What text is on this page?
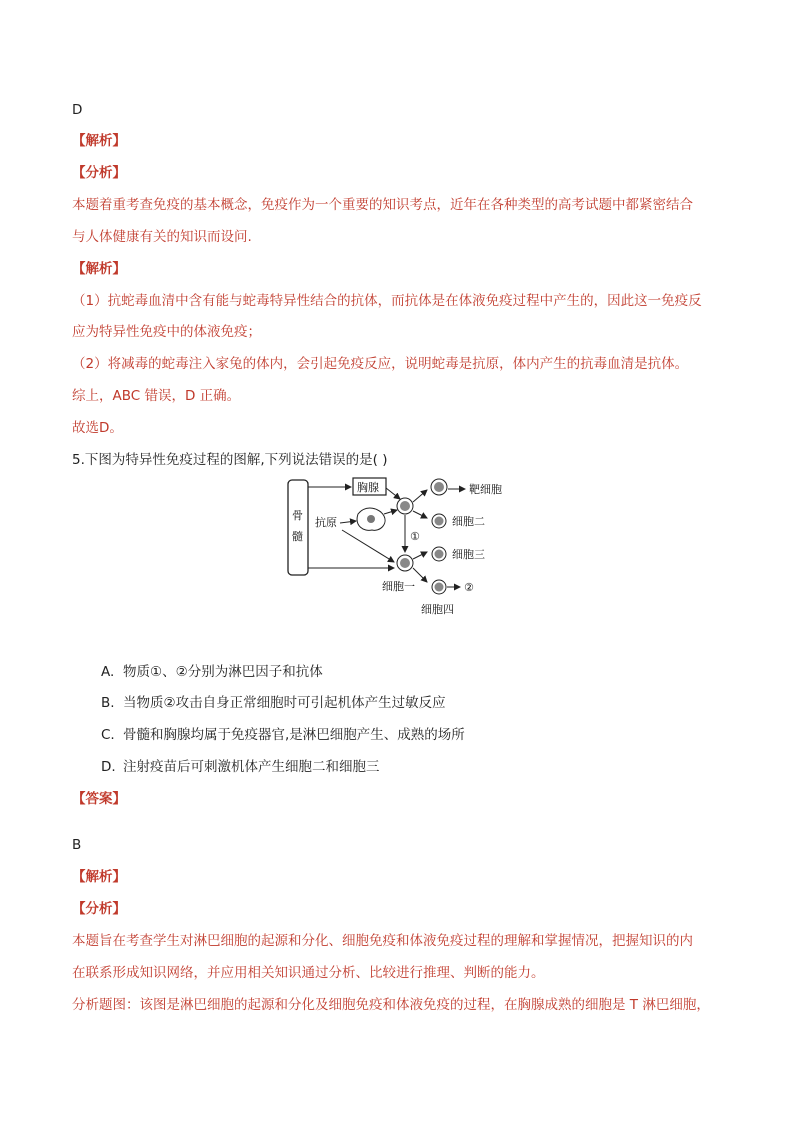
D
【解析】
【分析】
本题着重考查免疫的基本概念，免疫作为一个重要的知识考点，近年在各种类型的高考试题中都紧密结合
与人体健康有关的知识而设问.
【解析】
（1）抗蛇毒血清中含有能与蛇毒特异性结合的抗体，而抗体是在体液免疫过程中产生的，因此这一免疫反
应为特异性免疫中的体液免疫；
（2）将减毒的蛇毒注入家兔的体内，会引起免疫反应，说明蛇毒是抗原，体内产生的抗毒血清是抗体。
综上，ABC 错误，D 正确。
故选D。
5.下图为特异性免疫过程的图解,下列说法错误的是( )
骨
髓
胸腺
抗原
①
靶细胞
细胞二
细胞一
细胞三
②
细胞四
A. 物质①、②分别为淋巴因子和抗体
B. 当物质②攻击自身正常细胞时可引起机体产生过敏反应
C. 骨髓和胸腺均属于免疫器官,是淋巴细胞产生、成熟的场所
D. 注射疫苗后可刺激机体产生细胞二和细胞三
【答案】
B
【解析】
【分析】
本题旨在考查学生对淋巴细胞的起源和分化、细胞免疫和体液免疫过程的理解和掌握情况，把握知识的内
在联系形成知识网络，并应用相关知识通过分析、比较进行推理、判断的能力。
分析题图：该图是淋巴细胞的起源和分化及细胞免疫和体液免疫的过程，在胸腺成熟的细胞是 T 淋巴细胞，
